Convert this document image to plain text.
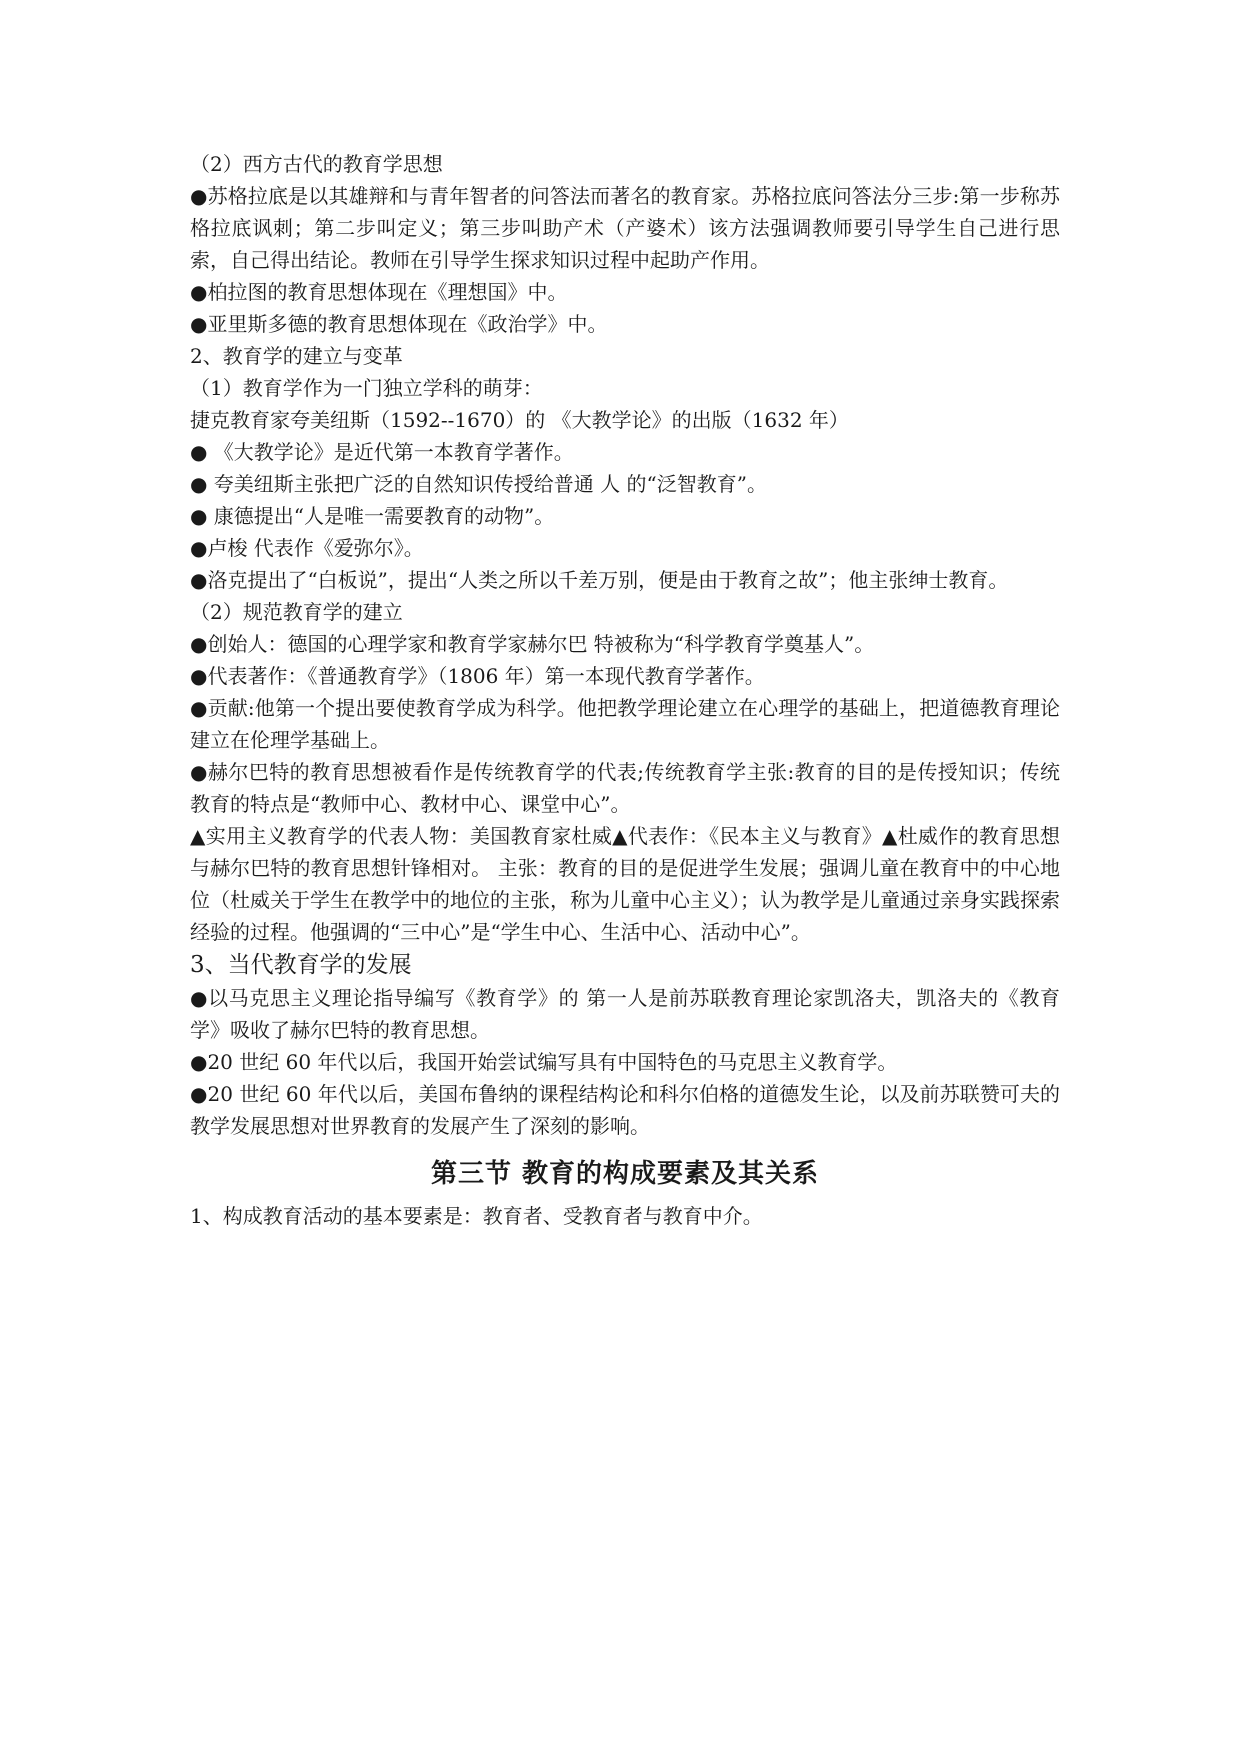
（2）西方古代的教育学思想

●苏格拉底是以其雄辩和与青年智者的问答法而著名的教育家。苏格拉底问答法分三步:第一步称苏格拉底讽刺；第二步叫定义；第三步叫助产术（产婆术）该方法强调教师要引导学生自己进行思索，自己得出结论。教师在引导学生探求知识过程中起助产作用。

●柏拉图的教育思想体现在《理想国》中。

●亚里斯多德的教育思想体现在《政治学》中。

2、教育学的建立与变革

（1）教育学作为一门独立学科的萌芽：

捷克教育家夸美纽斯（1592--1670）的 《大教学论》的出版（1632 年）

● 《大教学论》是近代第一本教育学著作。

● 夸美纽斯主张把广泛的自然知识传授给普通 人 的“泛智教育”。

● 康德提出“人是唯一需要教育的动物”。

●卢梭 代表作《爱弥尔》。

●洛克提出了“白板说”，提出“人类之所以千差万别，便是由于教育之故”；他主张绅士教育。

（2）规范教育学的建立

●创始人：德国的心理学家和教育学家赫尔巴 特被称为“科学教育学奠基人”。

●代表著作：《普通教育学》（1806 年）第一本现代教育学著作。

●贡献:他第一个提出要使教育学成为科学。他把教学理论建立在心理学的基础上，把道德教育理论建立在伦理学基础上。

●赫尔巴特的教育思想被看作是传统教育学的代表;传统教育学主张:教育的目的是传授知识；传统教育的特点是“教师中心、教材中心、课堂中心”。

▲实用主义教育学的代表人物：美国教育家杜威▲代表作：《民本主义与教育》▲杜威作的教育思想与赫尔巴特的教育思想针锋相对。 主张：教育的目的是促进学生发展；强调儿童在教育中的中心地位（杜威关于学生在教学中的地位的主张，称为儿童中心主义）；认为教学是儿童通过亲身实践探索经验的过程。他强调的“三中心”是“学生中心、生活中心、活动中心”。

3、当代教育学的发展

●以马克思主义理论指导编写《教育学》的 第一人是前苏联教育理论家凯洛夫，凯洛夫的《教育学》吸收了赫尔巴特的教育思想。

●20 世纪 60 年代以后，我国开始尝试编写具有中国特色的马克思主义教育学。

●20 世纪 60 年代以后，美国布鲁纳的课程结构论和科尔伯格的道德发生论，以及前苏联赞可夫的教学发展思想对世界教育的发展产生了深刻的影响。

第三节 教育的构成要素及其关系

1、构成教育活动的基本要素是：教育者、受教育者与教育中介。
